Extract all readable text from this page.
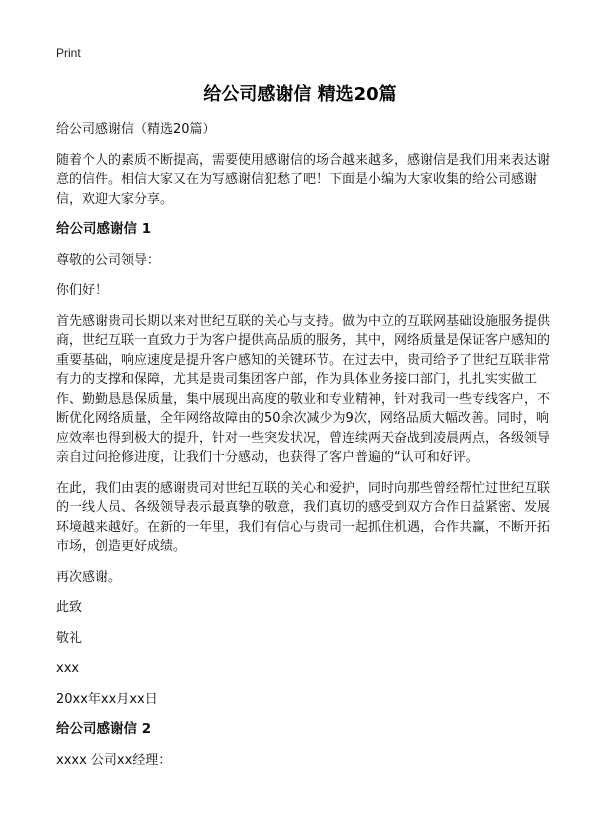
Print
给公司感谢信 精选20篇

给公司感谢信（精选20篇）

随着个人的素质不断提高，需要使用感谢信的场合越来越多，感谢信是我们用来表达谢意的信件。相信大家又在为写感谢信犯愁了吧！下面是小编为大家收集的给公司感谢信，欢迎大家分享。

给公司感谢信 1

尊敬的公司领导：

你们好！

首先感谢贵司长期以来对世纪互联的关心与支持。做为中立的互联网基础设施服务提供商，世纪互联一直致力于为客户提供高品质的服务，其中，网络质量是保证客户感知的重要基础，响应速度是提升客户感知的关键环节。在过去中，贵司给予了世纪互联非常有力的支撑和保障，尤其是贵司集团客户部，作为具体业务接口部门，扎扎实实做工作、勤勤恳恳保质量，集中展现出高度的敬业和专业精神，针对我司一些专线客户，不断优化网络质量，全年网络故障由的50余次减少为9次，网络品质大幅改善。同时，响应效率也得到极大的提升，针对一些突发状况，曾连续两天奋战到凌晨两点，各级领导亲自过问抢修进度，让我们十分感动，也获得了客户普遍的“认可和好评。

在此，我们由衷的感谢贵司对世纪互联的关心和爱护，同时向那些曾经帮忙过世纪互联的一线人员、各级领导表示最真挚的敬意，我们真切的感受到双方合作日益紧密、发展环境越来越好。在新的一年里，我们有信心与贵司一起抓住机遇，合作共赢，不断开拓市场，创造更好成绩。

再次感谢。

此致

敬礼

xxx

20xx年xx月xx日

给公司感谢信 2

xxxx 公司xx经理：
